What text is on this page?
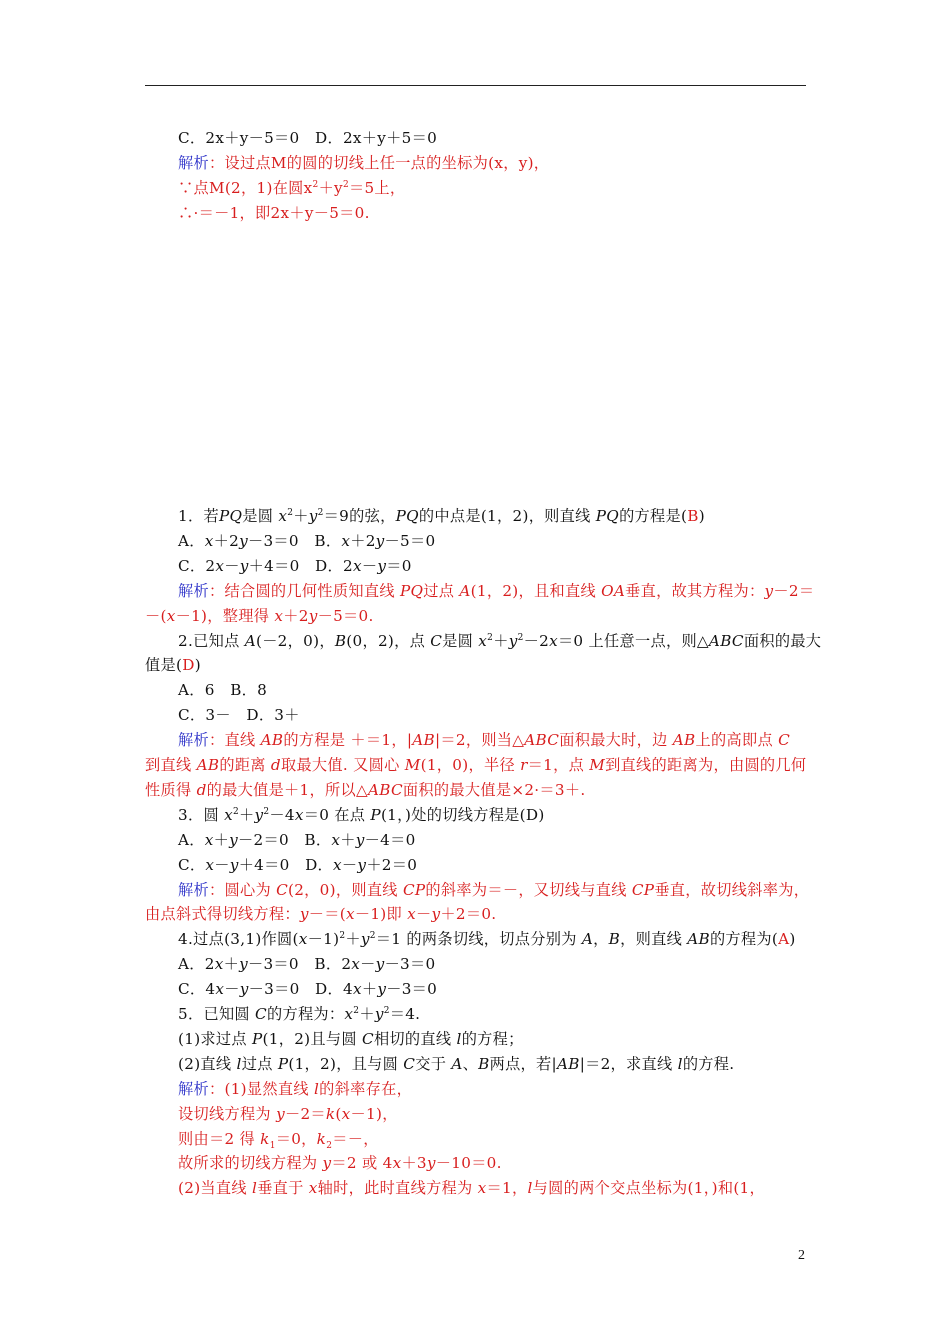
C．2x＋y－5＝0　D．2x＋y＋5＝0
解析：设过点M的圆的切线上任一点的坐标为(x，y)，
∵点M(2，1)在圆$x^2+y^2=5$上，
∴·＝－1，即2x＋y－5＝0.
1．若PQ是圆 $x^2+y^2=9$的弦，PQ的中点是(1，2)，则直线 PQ的方程是(B)
A．x＋2y－3＝0　B．x＋2y－5＝0
C．2x－y＋4＝0　D．2x－y＝0
解析：结合圆的几何性质知直线 PQ过点 A(1，2)，且和直线 OA垂直，故其方程为：y－2＝
－(x－1)，整理得 x＋2y－5＝0.
2.已知点 A(－2，0)，B(0，2)，点 C是圆 $x^2+y^2-2x=0$ 上任意一点，则△ABC面积的最大
值是(D)
A．6　B．8
C．3－　D．3＋
解析：直线 AB的方程是 ＋＝1，|AB|＝2，则当△ABC面积最大时，边 AB上的高即点 C
到直线 AB的距离 d取最大值. 又圆心 M(1，0)，半径 r＝1，点 M到直线的距离为，由圆的几何
性质得 d的最大值是＋1，所以△ABC面积的最大值是×2·＝3＋.
3．圆 $x^2+y^2-4x=0$ 在点 P(1，)处的切线方程是(D)
A．x＋y－2＝0　B．x＋y－4＝0
C．x－y＋4＝0　D．x－y＋2＝0
解析：圆心为 C(2，0)，则直线 CP的斜率为＝－，又切线与直线 CP垂直，故切线斜率为，
由点斜式得切线方程：y－＝(x－1)即 x－y＋2＝0.
4.过点(3,1)作圆$(x-1)^2+y^2=1$ 的两条切线，切点分别为 A，B，则直线 AB的方程为(A)
A．2x＋y－3＝0　B．2x－y－3＝0
C．4x－y－3＝0　D．4x＋y－3＝0
5．已知圆 C的方程为：$x^2+y^2=4$.
(1)求过点 P(1，2)且与圆 C相切的直线 l的方程；
(2)直线 l过点 P(1，2)，且与圆 C交于 A、B两点，若|AB|＝2，求直线 l的方程.
解析：(1)显然直线 l的斜率存在，
设切线方程为 y－2＝k(x－1)，
则由＝2 得 $k_1=0$，$k_2=-$，
故所求的切线方程为 y＝2 或 4x＋3y－10＝0.
(2)当直线 l垂直于 x轴时，此时直线方程为 x＝1，l与圆的两个交点坐标为(1，)和(1，
2
